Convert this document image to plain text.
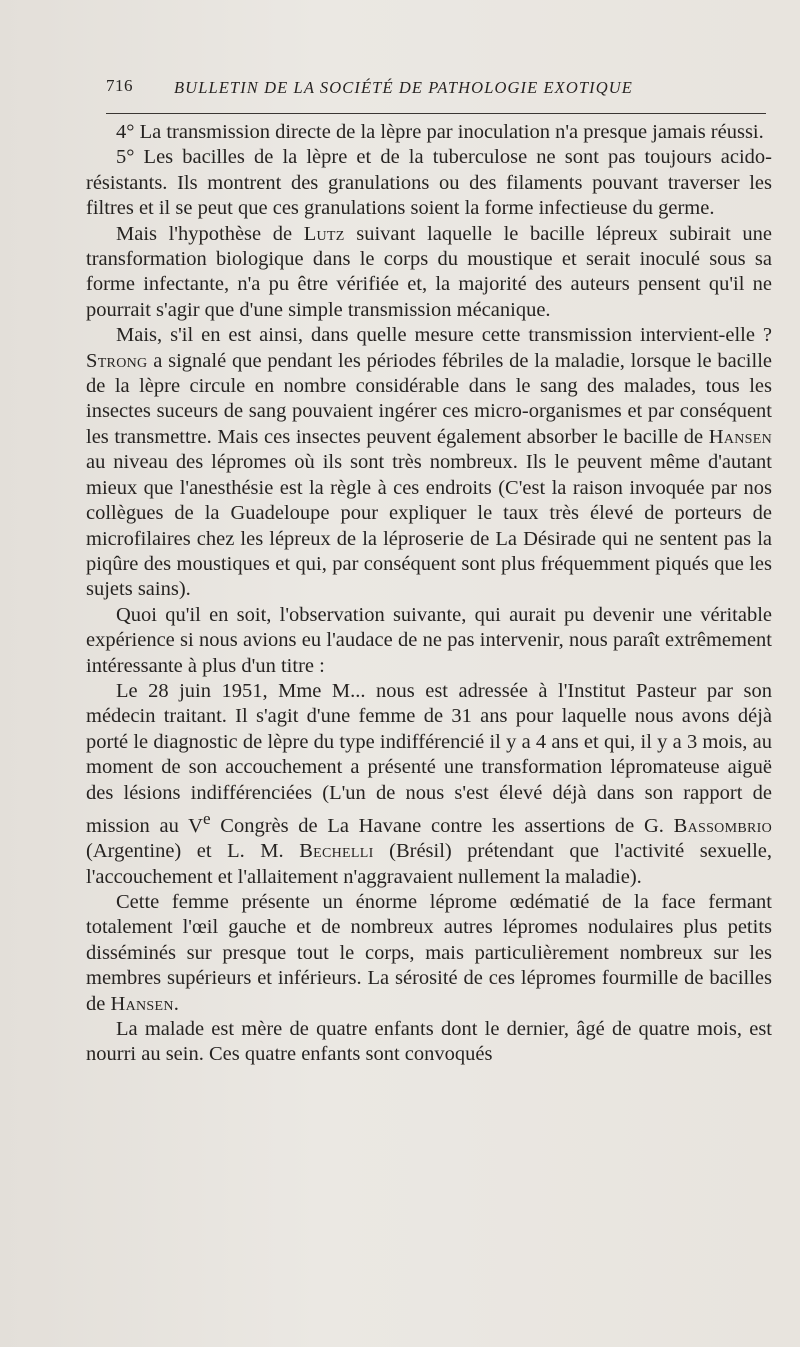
716 BULLETIN DE LA SOCIÉTÉ DE PATHOLOGIE EXOTIQUE

4° La transmission directe de la lèpre par inoculation n'a presque jamais réussi.

5° Les bacilles de la lèpre et de la tuberculose ne sont pas toujours acido-résistants. Ils montrent des granulations ou des filaments pouvant traverser les filtres et il se peut que ces granulations soient la forme infectieuse du germe.

Mais l'hypothèse de Lutz suivant laquelle le bacille lépreux subirait une transformation biologique dans le corps du moustique et serait inoculé sous sa forme infectante, n'a pu être vérifiée et, la majorité des auteurs pensent qu'il ne pourrait s'agir que d'une simple transmission mécanique.

Mais, s'il en est ainsi, dans quelle mesure cette transmission intervient-elle ? Strong a signalé que pendant les périodes fébriles de la maladie, lorsque le bacille de la lèpre circule en nombre considérable dans le sang des malades, tous les insectes suceurs de sang pouvaient ingérer ces micro-organismes et par conséquent les transmettre. Mais ces insectes peuvent également absorber le bacille de Hansen au niveau des lépromes où ils sont très nombreux. Ils le peuvent même d'autant mieux que l'anesthésie est la règle à ces endroits (C'est la raison invoquée par nos collègues de la Guadeloupe pour expliquer le taux très élevé de porteurs de microfilaires chez les lépreux de la léproserie de La Désirade qui ne sentent pas la piqûre des moustiques et qui, par conséquent sont plus fréquemment piqués que les sujets sains).

Quoi qu'il en soit, l'observation suivante, qui aurait pu devenir une véritable expérience si nous avions eu l'audace de ne pas intervenir, nous paraît extrêmement intéressante à plus d'un titre :

Le 28 juin 1951, Mme M... nous est adressée à l'Institut Pasteur par son médecin traitant. Il s'agit d'une femme de 31 ans pour laquelle nous avons déjà porté le diagnostic de lèpre du type indifférencié il y a 4 ans et qui, il y a 3 mois, au moment de son accouchement a présenté une transformation lépromateuse aiguë des lésions indifférenciées (L'un de nous s'est élevé déjà dans son rapport de mission au Ve Congrès de La Havane contre les assertions de G. Bassombrio (Argentine) et L. M. Bechelli (Brésil) prétendant que l'activité sexuelle, l'accouchement et l'allaitement n'aggravaient nullement la maladie).

Cette femme présente un énorme léprome œdématié de la face fermant totalement l'œil gauche et de nombreux autres lépromes nodulaires plus petits disséminés sur presque tout le corps, mais particulièrement nombreux sur les membres supérieurs et inférieurs. La sérosité de ces lépromes fourmille de bacilles de Hansen.

La malade est mère de quatre enfants dont le dernier, âgé de quatre mois, est nourri au sein. Ces quatre enfants sont convoqués
